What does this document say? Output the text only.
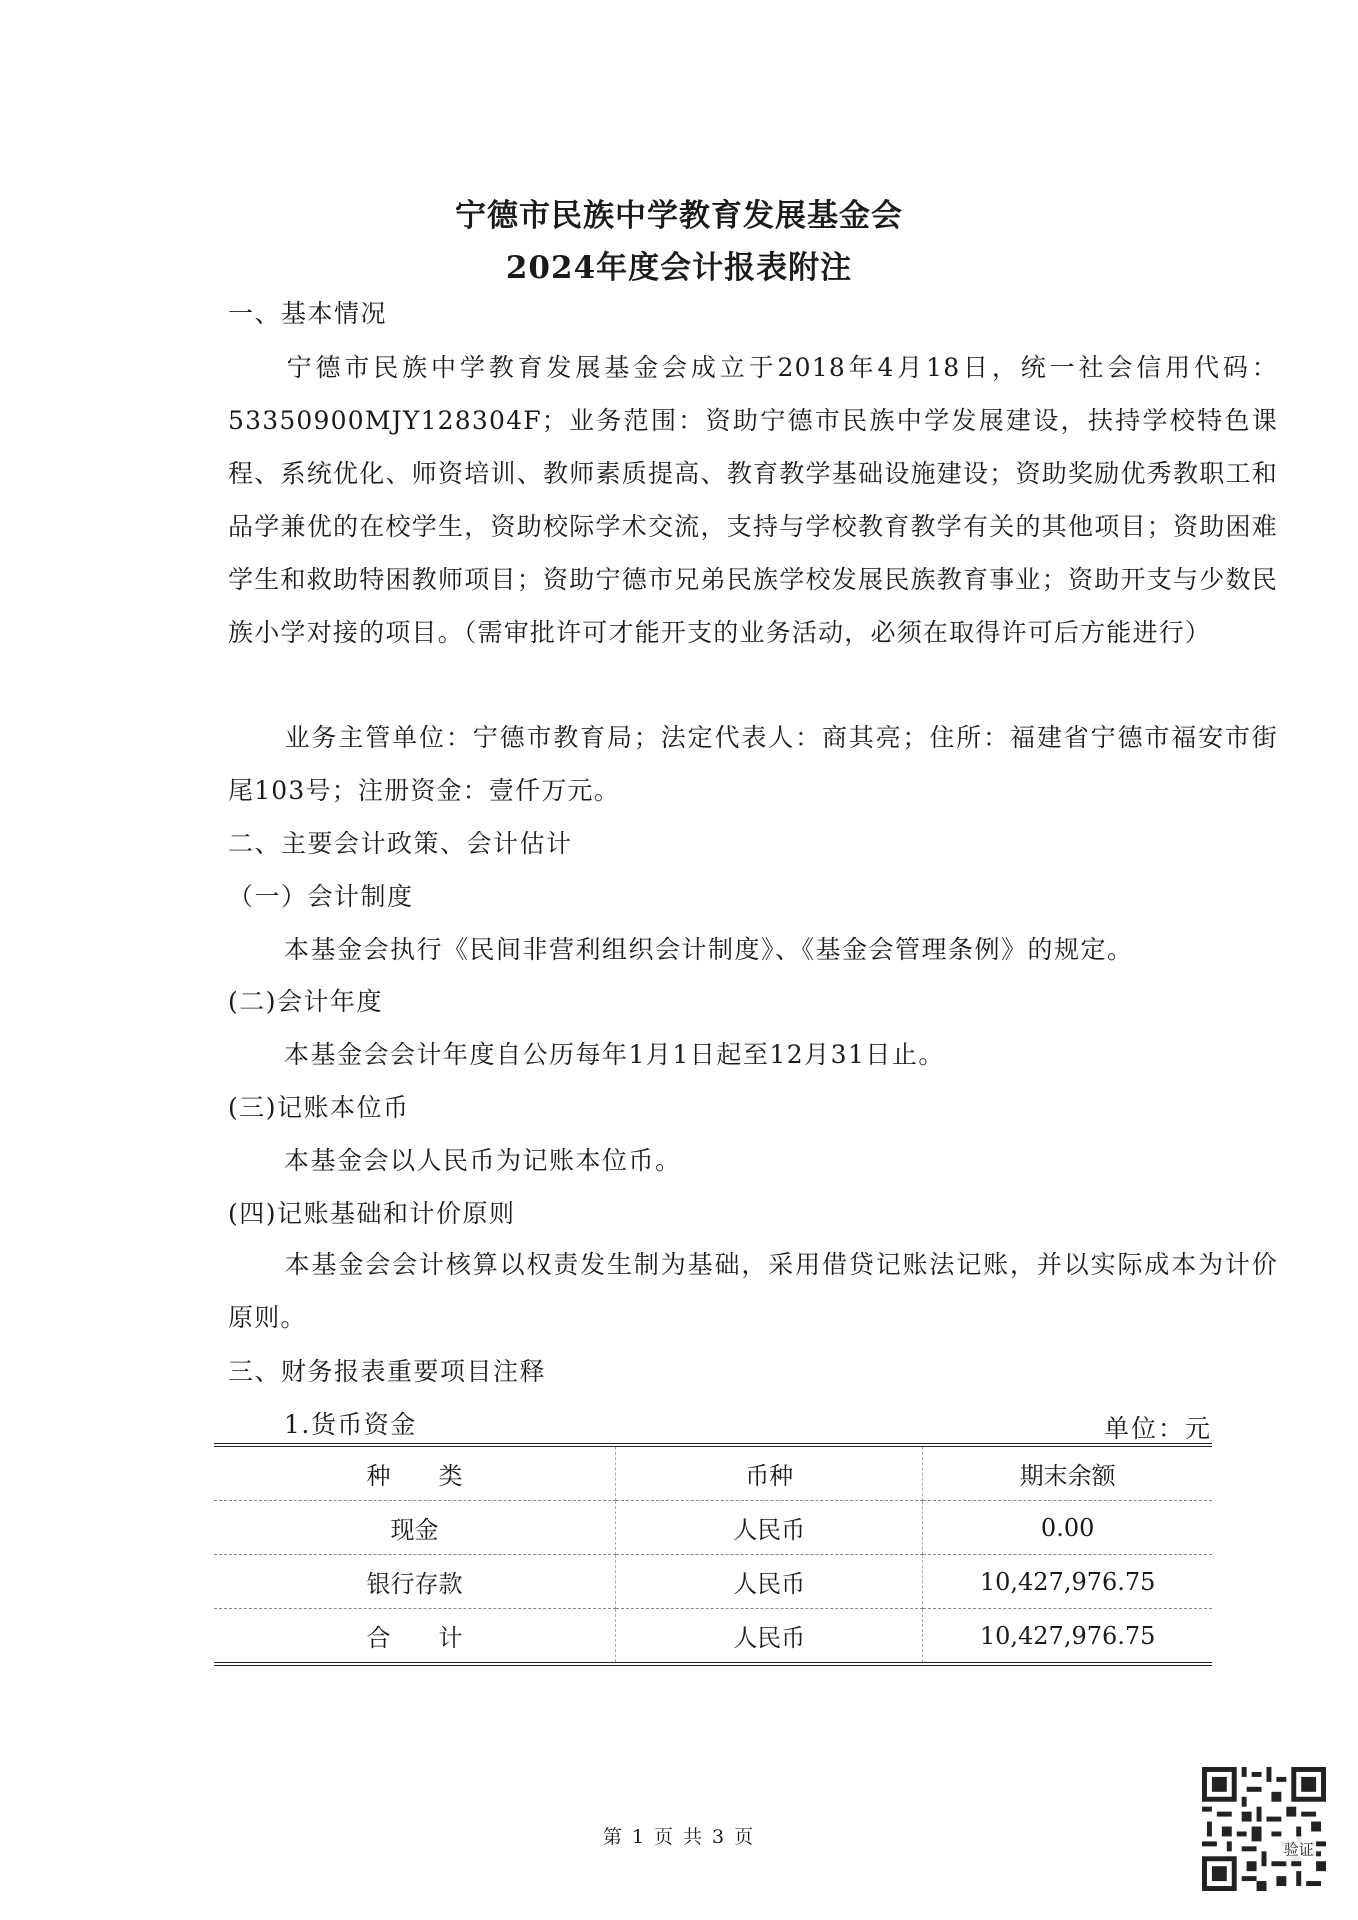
宁德市民族中学教育发展基金会
2024年度会计报表附注
一、基本情况
宁德市民族中学教育发展基金会成立于2018年4月18日，统一社会信用代码：53350900MJY128304F；业务范围：资助宁德市民族中学发展建设，扶持学校特色课程、系统优化、师资培训、教师素质提高、教育教学基础设施建设；资助奖励优秀教职工和品学兼优的在校学生，资助校际学术交流，支持与学校教育教学有关的其他项目；资助困难学生和救助特困教师项目；资助宁德市兄弟民族学校发展民族教育事业；资助开支与少数民族小学对接的项目。（需审批许可才能开支的业务活动，必须在取得许可后方能进行）
业务主管单位：宁德市教育局；法定代表人：商其亮；住所：福建省宁德市福安市街尾103号；注册资金：壹仟万元。
二、主要会计政策、会计估计
（一）会计制度
本基金会执行《民间非营利组织会计制度》、《基金会管理条例》的规定。
(二)会计年度
本基金会会计年度自公历每年1月1日起至12月31日止。
(三)记账本位币
本基金会以人民币为记账本位币。
(四)记账基础和计价原则
本基金会会计核算以权责发生制为基础，采用借贷记账法记账，并以实际成本为计价原则。
三、财务报表重要项目注释
1.货币资金	单位：元
种　　类	币种	期末余额
现金	人民币	0.00
银行存款	人民币	10,427,976.75
合　　计	人民币	10,427,976.75
第 1 页 共 3 页
验证
